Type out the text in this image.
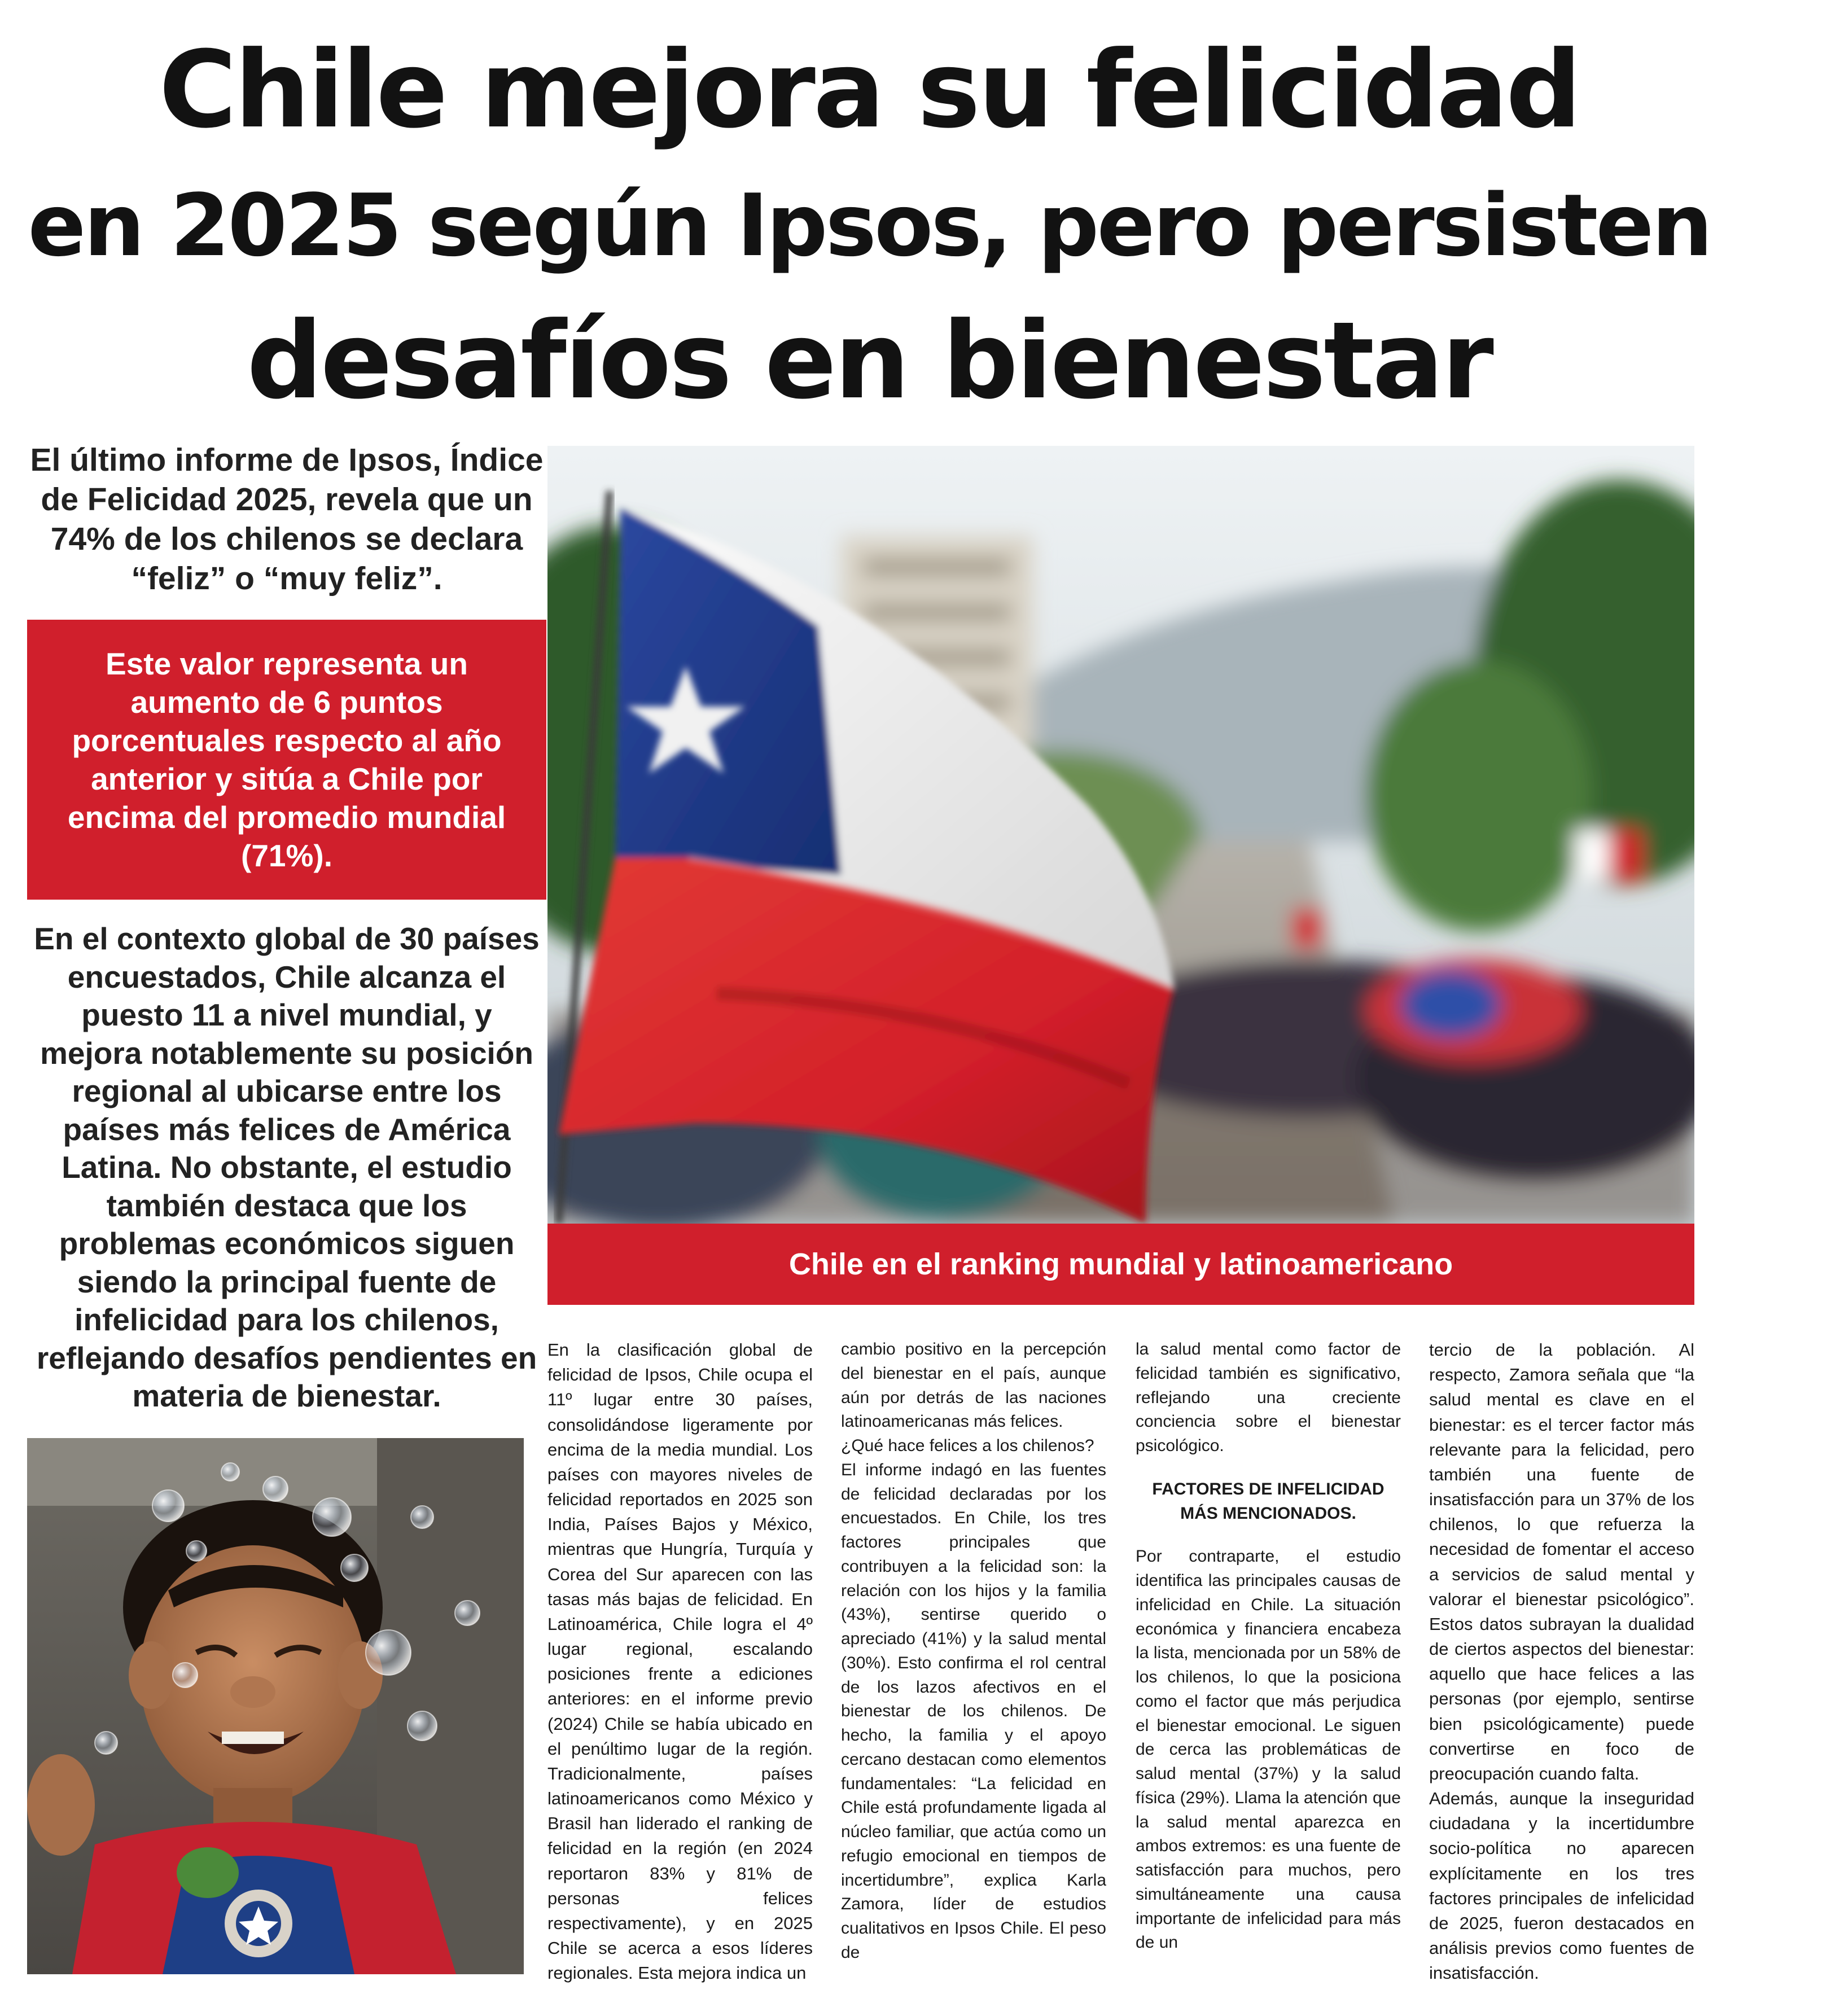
Chile mejora su felicidad
en 2025 según Ipsos, pero persisten
desafíos en bienestar

El último informe de Ipsos, Índice de Felicidad 2025, revela que un 74% de los chilenos se declara “feliz” o “muy feliz”.

Este valor representa un aumento de 6 puntos porcentuales respecto al año anterior y sitúa a Chile por encima del promedio mundial (71%).

En el contexto global de 30 países encuestados, Chile alcanza el puesto 11 a nivel mundial, y mejora notablemente su posición regional al ubicarse entre los países más felices de América Latina. No obstante, el estudio también destaca que los problemas económicos siguen siendo la principal fuente de infelicidad para los chilenos, reflejando desafíos pendientes en materia de bienestar.

Chile en el ranking mundial y latinoamericano

En la clasificación global de felicidad de Ipsos, Chile ocupa el 11º lugar entre 30 países, consolidándose ligeramente por encima de la media mundial. Los países con mayores niveles de felicidad reportados en 2025 son India, Países Bajos y México, mientras que Hungría, Turquía y Corea del Sur aparecen con las tasas más bajas de felicidad. En Latinoamérica, Chile logra el 4º lugar regional, escalando posiciones frente a ediciones anteriores: en el informe previo (2024) Chile se había ubicado en el penúltimo lugar de la región. Tradicionalmente, países latinoamericanos como México y Brasil han liderado el ranking de felicidad en la región (en 2024 reportaron 83% y 81% de personas felices respectivamente), y en 2025 Chile se acerca a esos líderes regionales. Esta mejora indica un

cambio positivo en la percepción del bienestar en el país, aunque aún por detrás de las naciones latinoamericanas más felices.

¿Qué hace felices a los chilenos?

El informe indagó en las fuentes de felicidad declaradas por los encuestados. En Chile, los tres factores principales que contribuyen a la felicidad son: la relación con los hijos y la familia (43%), sentirse querido o apreciado (41%) y la salud mental (30%). Esto confirma el rol central de los lazos afectivos en el bienestar de los chilenos. De hecho, la familia y el apoyo cercano destacan como elementos fundamentales: “La felicidad en Chile está profundamente ligada al núcleo familiar, que actúa como un refugio emocional en tiempos de incertidumbre”, explica Karla Zamora, líder de estudios cualitativos en Ipsos Chile. El peso de

la salud mental como factor de felicidad también es significativo, reflejando una creciente conciencia sobre el bienestar psicológico.

FACTORES DE INFELICIDAD MÁS MENCIONADOS.

Por contraparte, el estudio identifica las principales causas de infelicidad en Chile. La situación económica y financiera encabeza la lista, mencionada por un 58% de los chilenos, lo que la posiciona como el factor que más perjudica el bienestar emocional. Le siguen de cerca las problemáticas de salud mental (37%) y la salud física (29%). Llama la atención que la salud mental aparezca en ambos extremos: es una fuente de satisfacción para muchos, pero simultáneamente una causa importante de infelicidad para más de un

tercio de la población. Al respecto, Zamora señala que “la salud mental es clave en el bienestar: es el tercer factor más relevante para la felicidad, pero también una fuente de insatisfacción para un 37% de los chilenos, lo que refuerza la necesidad de fomentar el acceso a servicios de salud mental y valorar el bienestar psicológico”. Estos datos subrayan la dualidad de ciertos aspectos del bienestar: aquello que hace felices a las personas (por ejemplo, sentirse bien psicológicamente) puede convertirse en foco de preocupación cuando falta.

Además, aunque la inseguridad ciudadana y la incertidumbre socio-política no aparecen explícitamente en los tres factores principales de infelicidad de 2025, fueron destacados en análisis previos como fuentes de insatisfacción.
